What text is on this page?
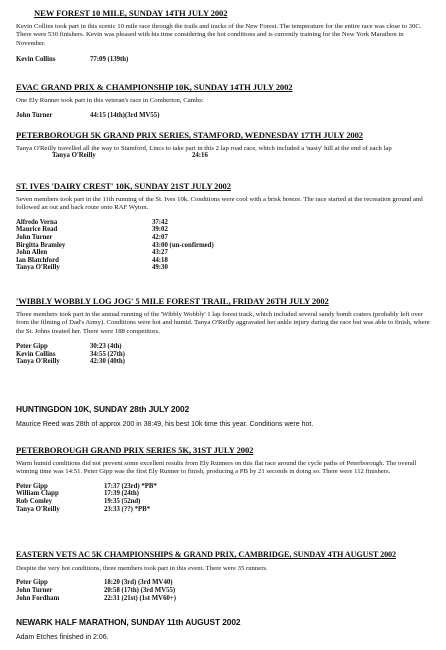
NEW FOREST 10 MILE, SUNDAY 14TH JULY 2002
Kevin Collins took part in this scenic 10 mile race through the trails and tracks of the New Forest. The temperature for the entire race was close to 30C. There were 530 finishers. Kevin was pleased with his time considering the hot conditions and is currently training for the New York Marathon in November.
Kevin Collins	77:09 (139th)
EVAC GRAND PRIX & CHAMPIONSHIP 10K, SUNDAY 14TH JULY 2002
One Ely Runner took part in this veteran's race in Comberton, Cambs:
John Turner	44:15 (14th)(3rd MV55)
PETERBOROUGH 5K GRAND PRIX SERIES, STAMFORD, WEDNESDAY 17TH JULY 2002
Tanya O'Reilly travelled all the way to Stamford, Lincs to take part in this 2 lap road race, which included a 'nasty' hill at the end of each lap
Tanya O'Reilly	24:16
ST. IVES 'DAIRY CREST' 10K, SUNDAY 21ST JULY 2002
Seven members took part in the 11th running of the St. Ives 10k. Conditions were cool with a brisk breeze. The race started at the recreation ground and followed an out and back route onto RAF Wyton.
Alfredo Verna	37:42
Maurice Read	39:02
John Turner	42:07
Birgitta Bramley	43:00 (un-confirmed)
John Allen	43:27
Ian Blatchford	44:18
Tanya O'Reilly	49:30
'WIBBLY WOBBLY LOG JOG' 5 MILE FOREST TRAIL, FRIDAY 26TH JULY 2002
Three members took part in the annual running of the 'Wibbly Wobbly' 1 lap forest track, which included several sandy bomb craters (probably left over from the filming of Dad's Army). Conditions were hot and humid. Tanya O'Reilly aggravated her ankle injury during the race but was able to finish, where the St. Johns treated her. There were 188 competitors.
Peter Gipp	30:23 (4th)
Kevin Collins	34:55 (27th)
Tanya O'Reilly	42:30 (40th)
HUNTINGDON 10K, SUNDAY 28th JULY 2002
Maurice Reed was 28th of approx 200 in 38:49, his best 10k time this year. Conditions were hot.
PETERBOROUGH GRAND PRIX SERIES 5K, 31ST JULY 2002
Warm humid conditions did not prevent some excellent results from Ely Runners on this flat race around the cycle paths of Peterborough. The overall winning time was 14:51. Peter Gipp was the first Ely Runner to finish, producing a PB by 21 seconds in doing so. There were 112 finishers.
Peter Gipp	17:37 (23rd) *PB*
William Clapp	17:39 (24th)
Rob Comley	19:35 (52nd)
Tanya O'Reilly	23:33 (??) *PB*
EASTERN VETS AC 5K CHAMPIONSHIPS & GRAND PRIX, CAMBRIDGE, SUNDAY 4TH AUGUST 2002
Despite the very hot conditions, three members took part in this event. There were 35 runners.
Peter Gipp	18:20 (3rd) (3rd MV40)
John Turner	20:58 (17th) (3rd MV55)
John Fordham	22:31 (21st) (1st MV60+)
NEWARK HALF MARATHON, SUNDAY 11th AUGUST 2002
Adam Etches finished in 2:06.
